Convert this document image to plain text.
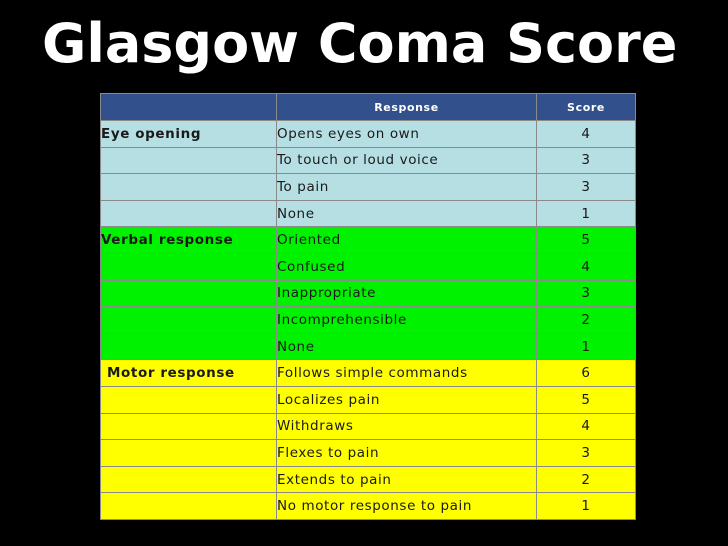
Glasgow Coma Score
	Response	Score
Eye opening	Opens eyes on own	4
	To touch or loud voice	3
	To pain	3
	None	1
Verbal response	Oriented	5
	Confused	4
	Inappropriate	3
	Incomprehensible	2
	None	1
Motor response	Follows simple commands	6
	Localizes pain	5
	Withdraws	4
	Flexes to pain	3
	Extends to pain	2
	No motor response to pain	1
